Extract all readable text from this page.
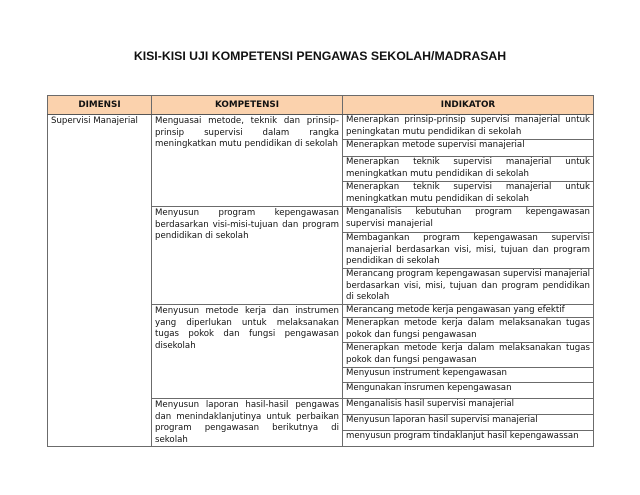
KISI-KISI UJI KOMPETENSI PENGAWAS SEKOLAH/MADRASAH
DIMENSI	KOMPETENSI	INDIKATOR
Supervisi Manajerial	Menguasai metode, teknik dan prinsip-prinsip supervisi dalam rangka meningkatkan mutu pendidikan di sekolah	Menerapkan prinsip-prinsip supervisi manajerial untuk peningkatan mutu pendidikan di sekolah
		Menerapkan metode supervisi manajerial
		Menerapkan teknik supervisi manajerial untuk meningkatkan mutu pendidikan di sekolah
		Menerapkan teknik supervisi manajerial untuk meningkatkan mutu pendidikan di sekolah
	Menyusun program kepengawasan berdasarkan visi-misi-tujuan dan program pendidikan di sekolah	Menganalisis kebutuhan program kepengawasan supervisi manajerial
		Membagankan program kepengawasan supervisi manajerial berdasarkan visi, misi, tujuan dan program pendidikan di sekolah
		Merancang program kepengawasan supervisi manajerial berdasarkan visi, misi, tujuan dan program pendidikan di sekolah
	Menyusun metode kerja dan instrumen yang diperlukan untuk melaksanakan tugas pokok dan fungsi pengawasan disekolah	Merancang metode kerja pengawasan yang efektif
		Menerapkan metode kerja dalam melaksanakan tugas pokok dan fungsi pengawasan
		Menerapkan metode kerja dalam melaksanakan tugas pokok dan fungsi pengawasan
		Menyusun instrument kepengawasan
		Mengunakan insrumen kepengawasan
	Menyusun laporan hasil-hasil pengawas dan menindaklanjutinya untuk perbaikan program pengawasan berikutnya di sekolah	Menganalisis hasil supervisi manajerial
		Menyusun laporan hasil supervisi manajerial
		menyusun program tindaklanjut hasil kepengawassan
